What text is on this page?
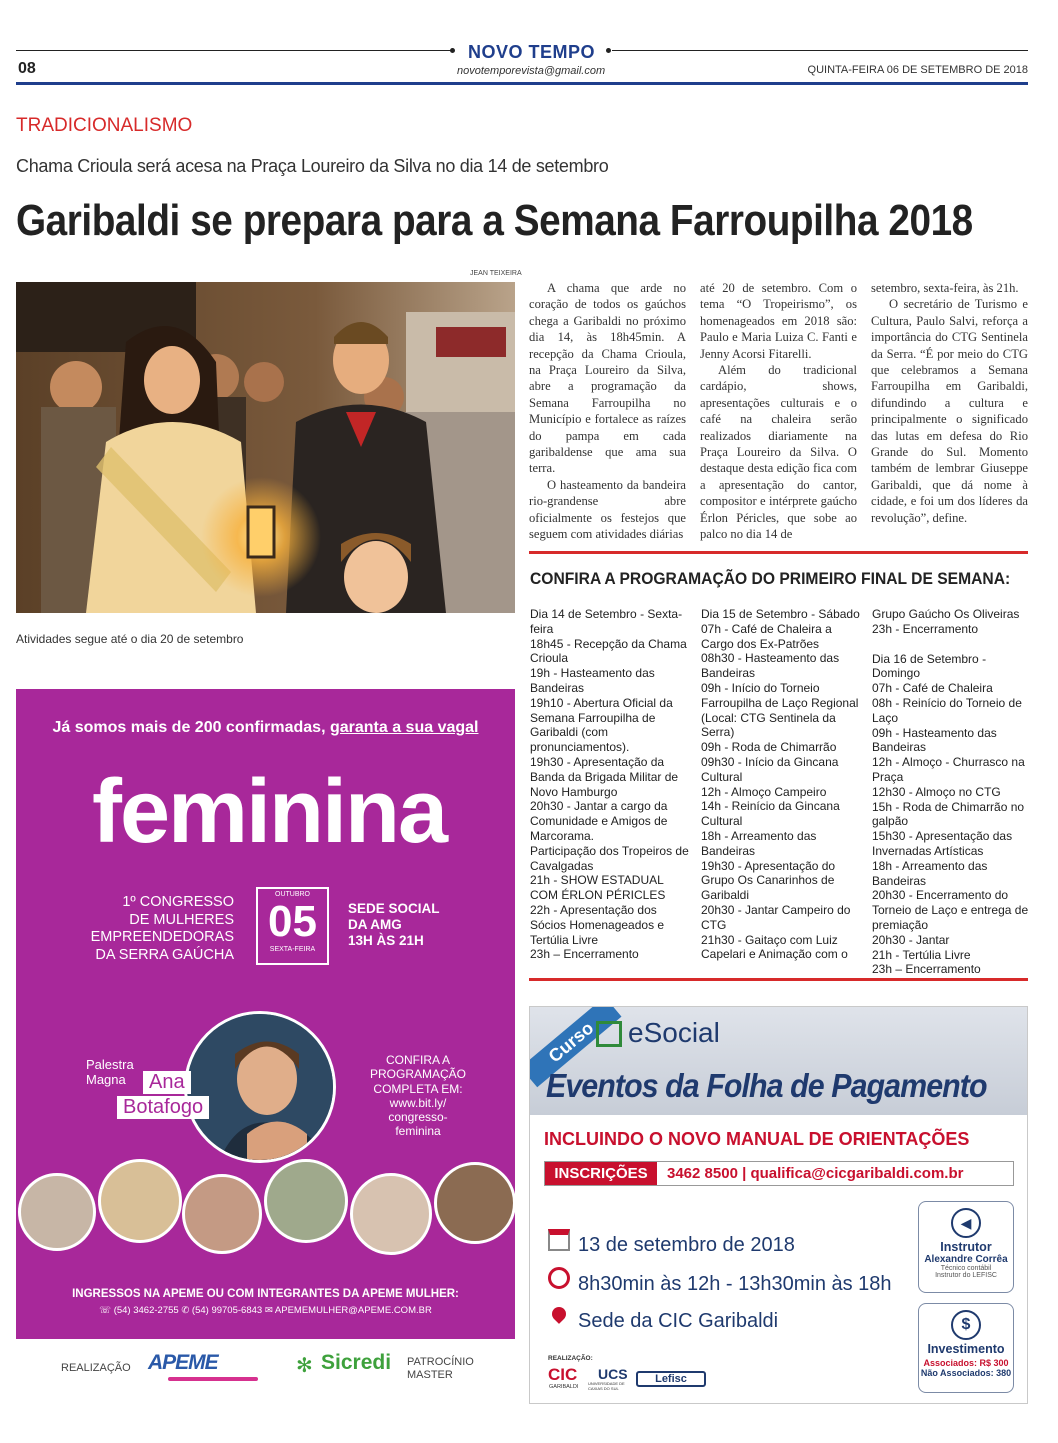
NOVO TEMPO
08	novotemporevista@gmail.com	QUINTA-FEIRA 06 DE SETEMBRO DE 2018
TRADICIONALISMO
Chama Crioula será acesa na Praça Loureiro da Silva no dia 14 de setembro
Garibaldi se prepara para a Semana Farroupilha 2018
JEAN TEIXEIRA
Atividades segue até o dia 20 de setembro

A chama que arde no coração de todos os gaúchos chega a Garibaldi no próximo dia 14, às 18h45min. A recepção da Chama Crioula, na Praça Loureiro da Silva, abre a programação da Semana Farroupilha no Município e fortalece as raízes do pampa em cada garibaldense que ama sua terra.

O hasteamento da bandeira rio-grandense abre oficialmente os festejos que seguem com atividades diárias

até 20 de setembro. Com o tema “O Tropeirismo”, os homenageados em 2018 são: Paulo e Maria Luiza C. Fanti e Jenny Acorsi Fitarelli.

Além do tradicional cardápio, shows, apresentações culturais e o café na chaleira serão realizados diariamente na Praça Loureiro da Silva. O destaque desta edição fica com a apresentação do cantor, compositor e intérprete gaúcho Érlon Péricles, que sobe ao palco no dia 14 de

setembro, sexta-feira, às 21h.

O secretário de Turismo e Cultura, Paulo Salvi, reforça a importância do CTG Sentinela da Serra. “É por meio do CTG que celebramos a Semana Farroupilha em Garibaldi, difundindo a cultura e principalmente o significado das lutas em defesa do Rio Grande do Sul. Momento também de lembrar Giuseppe Garibaldi, que dá nome à cidade, e foi um dos líderes da revolução”, define.

CONFIRA A PROGRAMAÇÃO DO PRIMEIRO FINAL DE SEMANA:
Dia 14 de Setembro - Sexta-feira
18h45 - Recepção da Chama Crioula
19h - Hasteamento das Bandeiras
19h10 - Abertura Oficial da Semana Farroupilha de Garibaldi (com pronunciamentos).
19h30 - Apresentação da Banda da Brigada Militar de Novo Hamburgo
20h30 - Jantar a cargo da Comunidade e Amigos de Marcorama.
Participação dos Tropeiros de Cavalgadas
21h - SHOW ESTADUAL COM ÉRLON PÉRICLES
22h - Apresentação dos Sócios Homenageados e Tertúlia Livre
23h – Encerramento
Dia 15 de Setembro - Sábado
07h - Café de Chaleira a Cargo dos Ex-Patrões
08h30 - Hasteamento das Bandeiras
09h - Início do Torneio Farroupilha de Laço Regional (Local: CTG Sentinela da Serra)
09h - Roda de Chimarrão
09h30 - Início da Gincana Cultural
12h - Almoço Campeiro
14h - Reinício da Gincana Cultural
18h - Arreamento das Bandeiras
19h30 - Apresentação do Grupo Os Canarinhos de Garibaldi
20h30 - Jantar Campeiro do CTG
21h30 - Gaitaço com Luiz Capelari e Animação com o
Grupo Gaúcho Os Oliveiras
23h - Encerramento
Dia 16 de Setembro - Domingo
07h - Café de Chaleira
08h - Reinício do Torneio de Laço
09h - Hasteamento das Bandeiras
12h - Almoço - Churrasco na Praça
12h30 - Almoço no CTG
15h - Roda de Chimarrão no galpão
15h30 - Apresentação das Invernadas Artísticas
18h - Arreamento das Bandeiras
20h30 - Encerramento do Torneio de Laço e entrega de premiação
20h30 - Jantar
21h - Tertúlia Livre
23h – Encerramento
Já somos mais de 200 confirmadas, garanta a sua vagal
feminina
1º CONGRESSO
DE MULHERES
EMPREENDEDORAS
DA SERRA GAÚCHA
OUTUBRO
05
SEXTA-FEIRA
SEDE SOCIAL
DA AMG
13H ÀS 21H
Palestra Magna	Ana
Botafogo
CONFIRA A
PROGRAMAÇÃO
COMPLETA EM:
www.bit.ly/
congresso-
feminina
INGRESSOS NA APEME OU COM INTEGRANTES DA APEME MULHER:
☏ (54) 3462-2755 ✆ (54) 99705-6843 ✉ APEMEMULHER@APEME.COM.BR
REALIZAÇÃO APEME	✻ Sicredi PATROCÍNIO MASTER
Curso	eSocial
Eventos da Folha de Pagamento
INCLUINDO O NOVO MANUAL DE ORIENTAÇÕES
INSCRIÇÕES	3462 8500 | qualifica@cicgaribaldi.com.br
13 de setembro de 2018
8h30min às 12h - 13h30min às 18h
Sede da CIC Garibaldi
◀
Instrutor
Alexandre Corrêa
Técnico contábil
Instrutor do LEFISC
$
Investimento
Associados: R$ 300
Não Associados: 380
REALIZAÇÃO:
CIC
GARIBALDI
UCS
UNIVERSIDADE DE CAXIAS DO SUL
Lefisc
